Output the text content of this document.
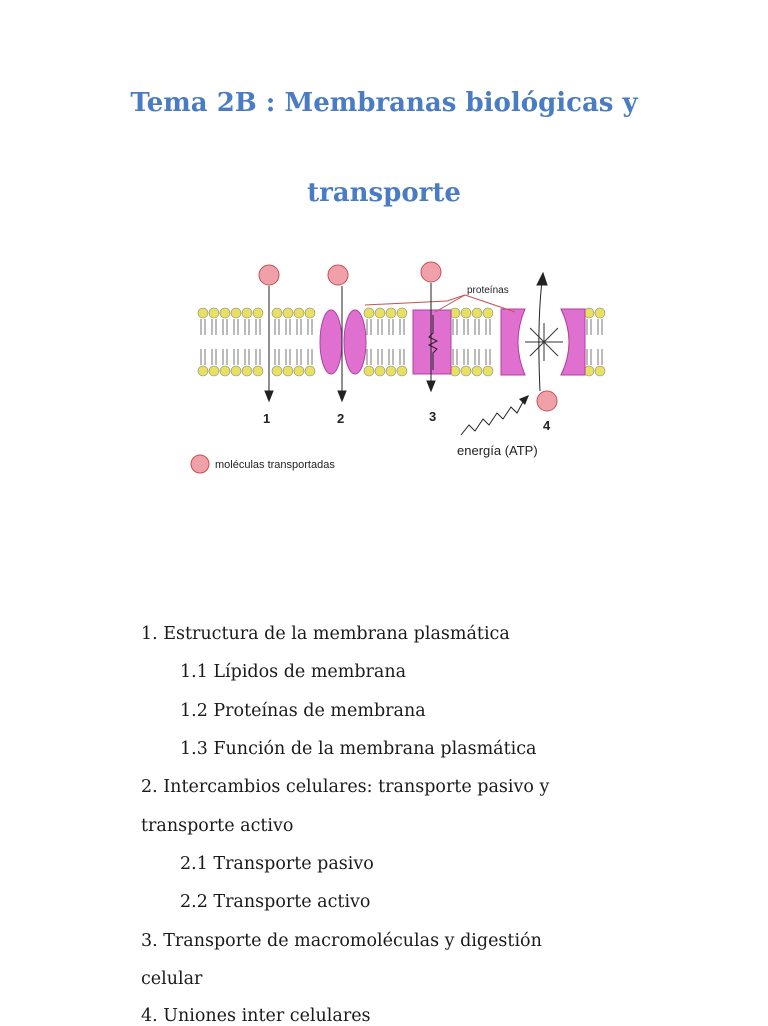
Tema 2B : Membranas biológicas y
transporte
proteínas
1	2	3
4
energía (ATP)
moléculas transportadas
1. Estructura de la membrana plasmática
1.1 Lípidos de membrana
1.2 Proteínas de membrana
1.3 Función de la membrana plasmática
2. Intercambios celulares: transporte pasivo y
transporte activo
2.1 Transporte pasivo
2.2 Transporte activo
3. Transporte de macromoléculas y digestión
celular
4. Uniones inter celulares
